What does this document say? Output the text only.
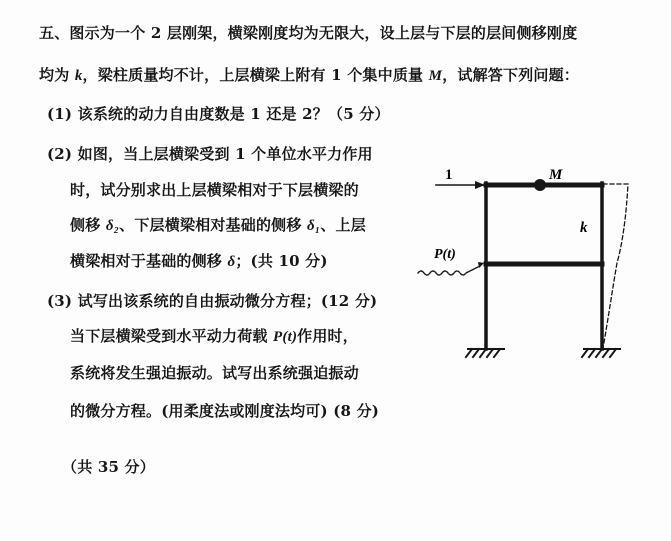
五、图示为一个 2 层刚架，横梁刚度均为无限大，设上层与下层的层间侧移刚度
均为 k，梁柱质量均不计，上层横梁上附有 1 个集中质量 M，试解答下列问题：
(1) 该系统的动力自由度数是 1 还是 2？（5 分）
(2) 如图，当上层横梁受到 1 个单位水平力作用
时，试分别求出上层横梁相对于下层横梁的
侧移 δ₂、下层横梁相对基础的侧移 δ₁、上层
横梁相对于基础的侧移 δ；(共 10 分)
(3) 试写出该系统的自由振动微分方程；(12 分)
当下层横梁受到水平动力荷载 P(t)作用时，
系统将发生强迫振动。试写出系统强迫振动
的微分方程。(用柔度法或刚度法均可) (8 分)
（共 35 分）
1	M
k
P(t)
